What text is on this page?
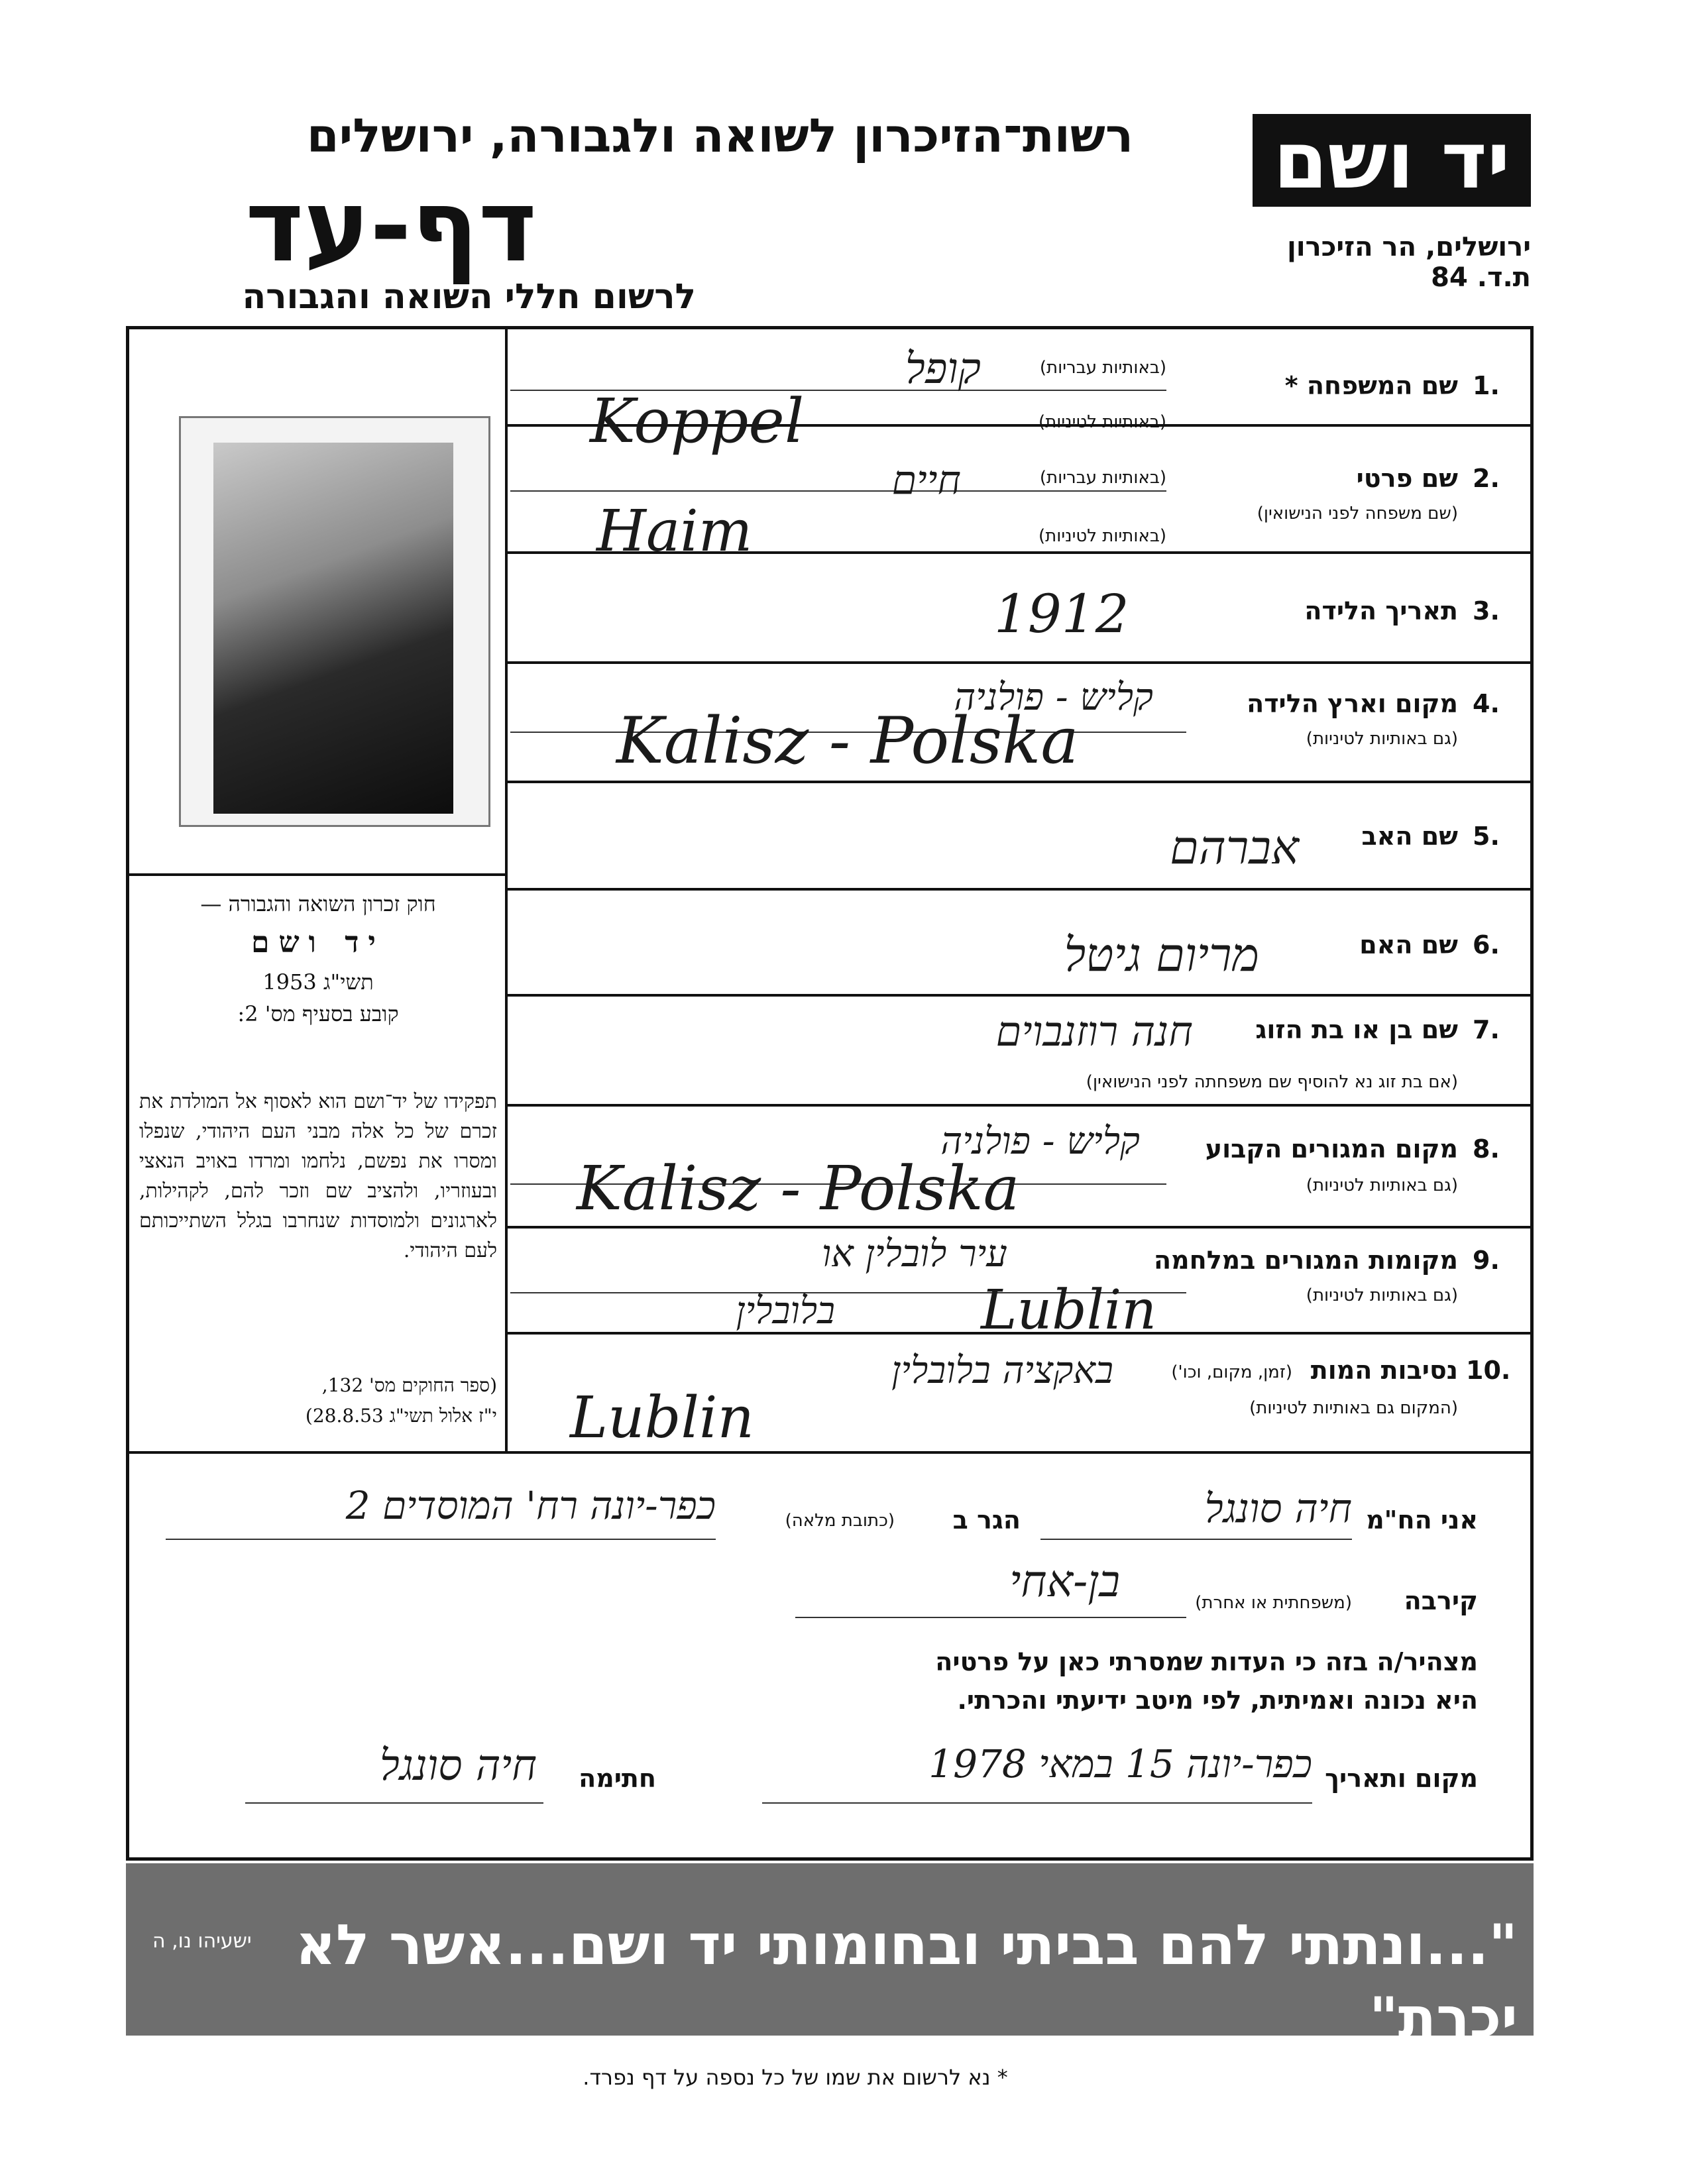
יד ושם
ירושלים, הר הזיכרון
ת.ד. 84
רשות־הזיכרון לשואה ולגבורה, ירושלים
דף-עד
לרשום חללי השואה והגבורה
חוק זכרון השואה והגבורה —
יד ושם
תשי"ג 1953
קובע בסעיף מס' 2:
תפקידו של יד־ושם הוא לאסוף אל המולדת את זכרם של כל אלה מבני העם היהודי, שנפלו ומסרו את נפשם, נלחמו ומרדו באויב הנאצי ובעוזריו, ולהציב שם וזכר להם, לקהילות, לארגונים ולמוסדות שנחרבו בגלל השתייכותם לעם היהודי.
(ספר החוקים מס' 132,
י"ז אלול תשי"ג 28.8.53)
1.
שם המשפחה *
(באותיות עבריות)
(באותיות לטיניות)
קופל
Koppel
2.
שם פרטי
(שם משפחה לפני הנישואין)
(באותיות עבריות)
(באותיות לטיניות)
חיים
Haim
3.
תאריך הלידה
1912
4.
מקום וארץ הלידה
(גם באותיות לטיניות)
קליש - פולניה
Kalisz - Polska
5.
שם האב
אברהם
6.
שם האם
מריום גיטל
7.
שם בן או בת הזוג
(אם בת זוג נא להוסיף שם משפחתה לפני הנישואין)
חנה רוזנבוים
8.
מקום המגורים הקבוע
(גם באותיות לטיניות)
קליש - פולניה
Kalisz - Polska
9.
מקומות המגורים במלחמה
(גם באותיות לטיניות)
עיר לובלין או
בלובלין	Lublin
10.
נסיבות המות
(זמן, מקום, וכו')
(המקום גם באותיות לטיניות)
באקציה בלובלין
Lublin
אני הח"מ
חיה סונגל
הגר ב
(כתובת מלאה)
כפר-יונה רח' המוסדים 2
קירבה
(משפחתית או אחרת)
בן-אחי
מצהיר/ה בזה כי העדות שמסרתי כאן על פרטיה
היא נכונה ואמיתית, לפי מיטב ידיעתי והכרתי.
מקום ותאריך
כפר-יונה 15 במאי 1978
חתימה
חיה סונגל
"...ונתתי להם בביתי ובחומותי יד ושם...אשר לא יכרת"
ישעיהו נו, ה
* נא לרשום את שמו של כל נספה על דף נפרד.
